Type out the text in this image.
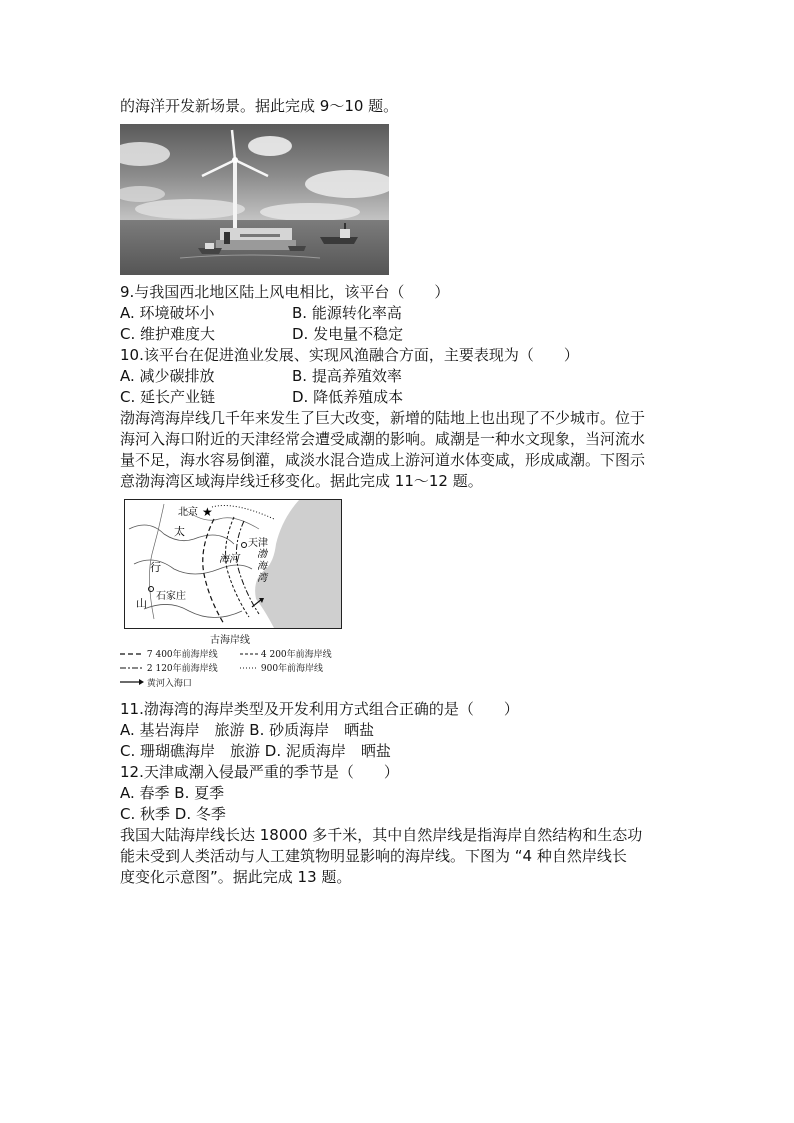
的海洋开发新场景。据此完成 9～10 题。
9.与我国西北地区陆上风电相比，该平台（　　）
A. 环境破坏小	B. 能源转化率高
C. 维护难度大	D. 发电量不稳定
10.该平台在促进渔业发展、实现风渔融合方面，主要表现为（　　）
A. 减少碳排放	B. 提高养殖效率
C. 延长产业链	D. 降低养殖成本
渤海湾海岸线几千年来发生了巨大改变，新增的陆地上也出现了不少城市。位于
海河入海口附近的天津经常会遭受咸潮的影响。咸潮是一种水文现象，当河流水
量不足，海水容易倒灌，咸淡水混合造成上游河道水体变咸，形成咸潮。下图示
意渤海湾区域海岸线迁移变化。据此完成 11～12 题。
★
北京
天津
海河 渤
海
湾
太
行
山
石家庄
古海岸线
7 400年前海岸线	4 200年前海岸线
2 120年前海岸线	900年前海岸线
黄河入海口
11.渤海湾的海岸类型及开发利用方式组合正确的是（　　）
A. 基岩海岸　旅游 B. 砂质海岸　晒盐
C. 珊瑚礁海岸　旅游 D. 泥质海岸　晒盐
12.天津咸潮入侵最严重的季节是（　　）
A. 春季 B. 夏季
C. 秋季 D. 冬季
我国大陆海岸线长达 18000 多千米，其中自然岸线是指海岸自然结构和生态功
能未受到人类活动与人工建筑物明显影响的海岸线。下图为 “4 种自然岸线长
度变化示意图”。据此完成 13 题。
